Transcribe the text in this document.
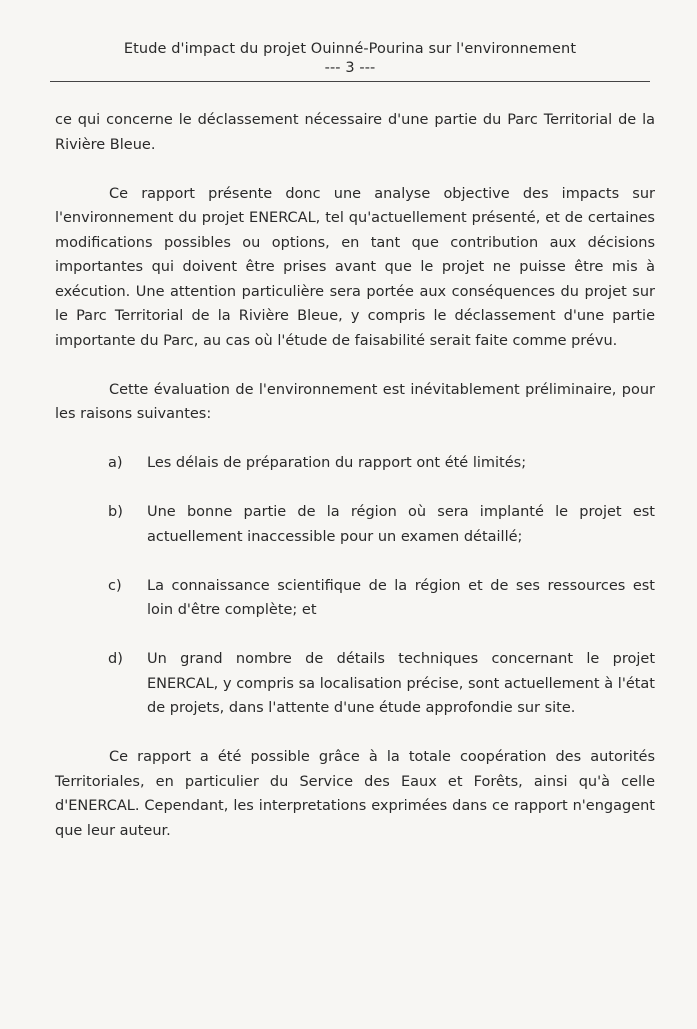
Etude d'impact du projet Ouinné-Pourina sur l'environnement
--- 3 ---

ce qui concerne le déclassement nécessaire d'une partie du Parc Territorial de la Rivière Bleue.

Ce rapport présente donc une analyse objective des impacts sur l'environnement du projet ENERCAL, tel qu'actuellement présenté, et de certaines modifications possibles ou options, en tant que contribution aux décisions importantes qui doivent être prises avant que le projet ne puisse être mis à exécution. Une attention particulière sera portée aux conséquences du projet sur le Parc Territorial de la Rivière Bleue, y compris le déclassement d'une partie importante du Parc, au cas où l'étude de faisabilité serait faite comme prévu.

Cette évaluation de l'environnement est inévitablement préliminaire, pour les raisons suivantes:

a)	Les délais de préparation du rapport ont été limités;
b)	Une bonne partie de la région où sera implanté le projet est actuellement inaccessible pour un examen détaillé;
c)	La connaissance scientifique de la région et de ses ressources est loin d'être complète; et
d)	Un grand nombre de détails techniques concernant le projet ENERCAL, y compris sa localisation précise, sont actuellement à l'état de projets, dans l'attente d'une étude approfondie sur site.

Ce rapport a été possible grâce à la totale coopération des autorités Territoriales, en particulier du Service des Eaux et Forêts, ainsi qu'à celle d'ENERCAL. Cependant, les interpretations exprimées dans ce rapport n'engagent que leur auteur.
